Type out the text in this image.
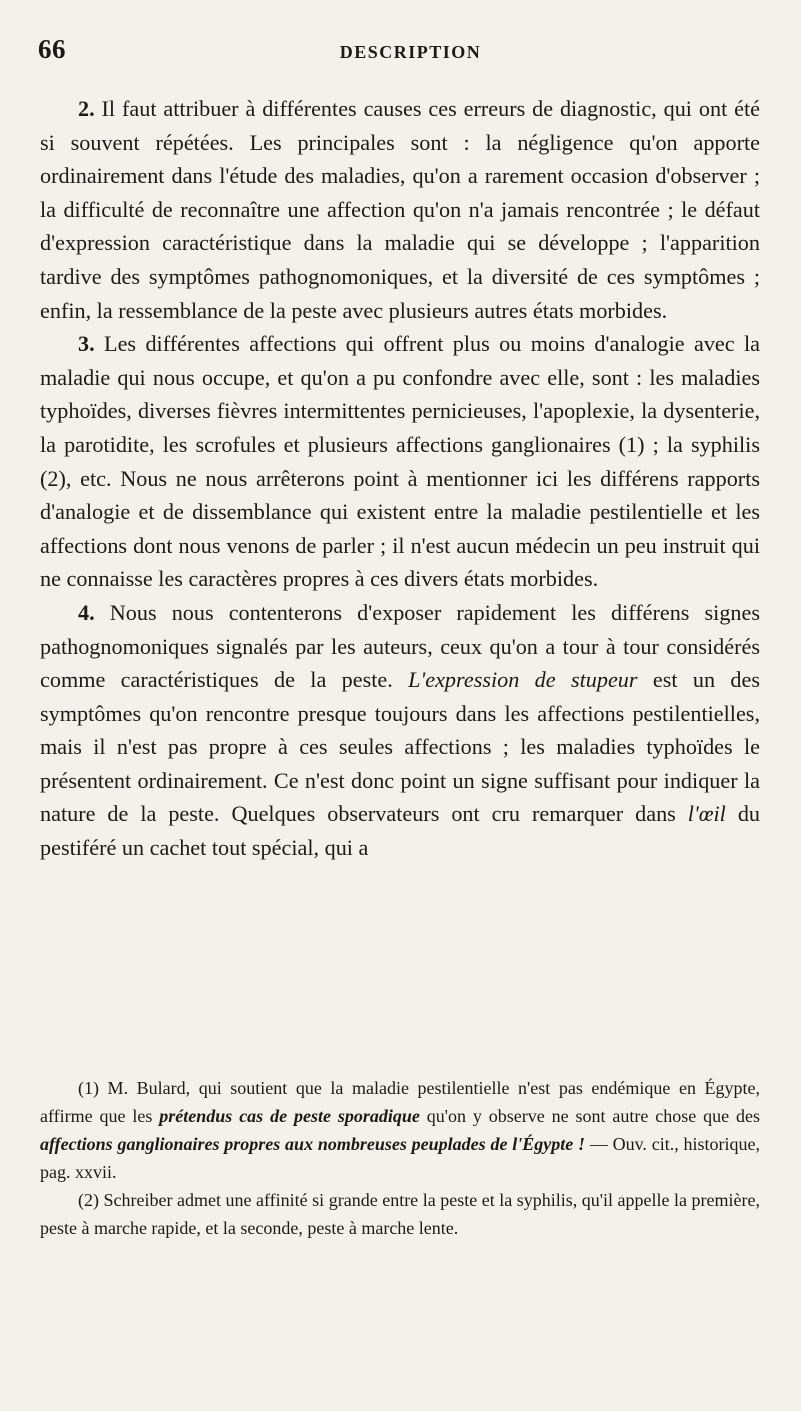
66	DESCRIPTION

2. Il faut attribuer à différentes causes ces erreurs de diagnostic, qui ont été si souvent répétées. Les principales sont : la négligence qu'on apporte ordinairement dans l'étude des maladies, qu'on a rarement occasion d'observer ; la difficulté de reconnaître une affection qu'on n'a jamais rencontrée ; le défaut d'expression caractéristique dans la maladie qui se développe ; l'apparition tardive des symptômes pathognomoniques, et la diversité de ces symptômes ; enfin, la ressemblance de la peste avec plusieurs autres états morbides.

3. Les différentes affections qui offrent plus ou moins d'analogie avec la maladie qui nous occupe, et qu'on a pu confondre avec elle, sont : les maladies typhoïdes, diverses fièvres intermittentes pernicieuses, l'apoplexie, la dysenterie, la parotidite, les scrofules et plusieurs affections ganglionaires (1) ; la syphilis (2), etc. Nous ne nous arrêterons point à mentionner ici les différens rapports d'analogie et de dissemblance qui existent entre la maladie pestilentielle et les affections dont nous venons de parler ; il n'est aucun médecin un peu instruit qui ne connaisse les caractères propres à ces divers états morbides.

4. Nous nous contenterons d'exposer rapidement les différens signes pathognomoniques signalés par les auteurs, ceux qu'on a tour à tour considérés comme caractéristiques de la peste. L'expression de stupeur est un des symptômes qu'on rencontre presque toujours dans les affections pestilentielles, mais il n'est pas propre à ces seules affections ; les maladies typhoïdes le présentent ordinairement. Ce n'est donc point un signe suffisant pour indiquer la nature de la peste. Quelques observateurs ont cru remarquer dans l'œil du pestiféré un cachet tout spécial, qui a

(1) M. Bulard, qui soutient que la maladie pestilentielle n'est pas endémique en Égypte, affirme que les prétendus cas de peste sporadique qu'on y observe ne sont autre chose que des affections ganglionaires propres aux nombreuses peuplades de l'Égypte ! — Ouv. cit., historique, pag. xxvii.

(2) Schreiber admet une affinité si grande entre la peste et la syphilis, qu'il appelle la première, peste à marche rapide, et la seconde, peste à marche lente.
